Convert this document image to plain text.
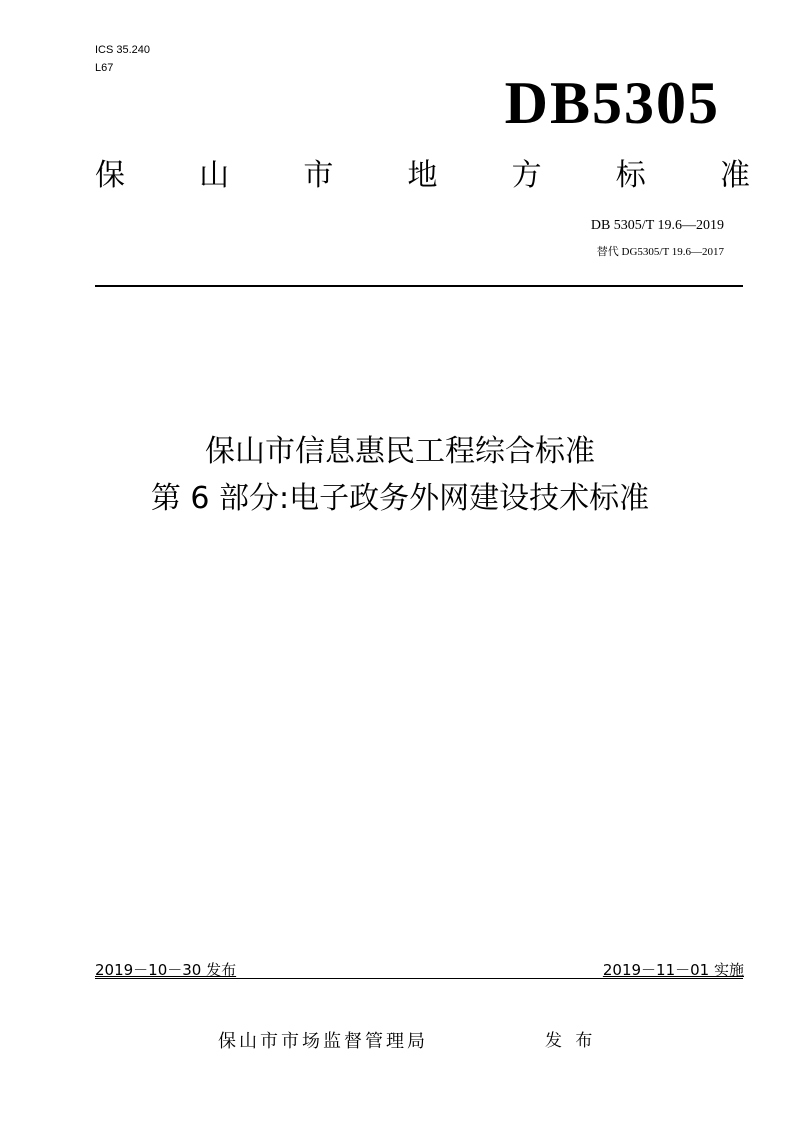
ICS 35.240
L67
DB5305
保 山 市 地 方 标 准
DB 5305/T 19.6—2019
替代 DG5305/T 19.6—2017
保山市信息惠民工程综合标准
第 6 部分:电子政务外网建设技术标准
2019－10－30 发布	2019－11－01 实施
保山市市场监督管理局	发 布
